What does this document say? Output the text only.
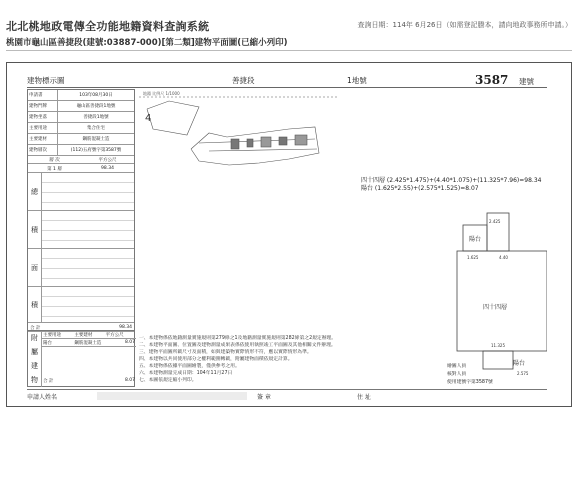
北北桃地政電傳全功能地籍資料查詢系統	查詢日期：114年 6月26日（如需登記謄本，請向地政事務所申請。）
桃園市龜山區善捷段(建號:03887-000)[第二類]建物平面圖(已縮小列印)
建物標示圖	善捷段	1地號	3587 建號
申請書	103年08月30日
建物門牌	龜山區善捷段1地號
建物坐落	善捷段1地號
主要用途	集合住宅
主要建材	鋼筋混凝土造
建物層次	(112)五府號字第3587號
層 次	平方公尺
第 1 層	98.34
總
積
面
積
合 計	98.34
附
屬
建
物
主要用途	主要建材	平方公尺
陽台	鋼筋混凝土造	8.07
合 計	8.07
地籍 比例尺 1/1000
4
四十四層 (2.425*1.475)+(4.40*1.075)+(11.325*7.96)=98.34
陽台 (1.625*2.55)+(2.575*1.525)=8.07
陽台
四十四層
陽台
2.425
1.625	4.40
11.325
2.575
一、本建物係依地籍測量實施規則第279條之1及地籍測量實施規則第282條第之2規定辦理。
二、本建物平面圖、位置圖及建物測量成果表係依使用執照竣工平面圖及其他相關文件辦理。
三、建物平面圖所載尺寸及面積，如與建築物實際情形不符，應以實際情形為準。
四、本建物以共同使用部分之權利範圍轉載，附屬建物面積依規定計算。
五、本建物係依據平面圖繪製，僅供參考之用。
六、本建物測量完成日期：104年11月27日
七、本圖依規定縮小列印。
繪圖人員
核對人員
使用建號字第3587號
申請人姓名	簽 章	住 址
